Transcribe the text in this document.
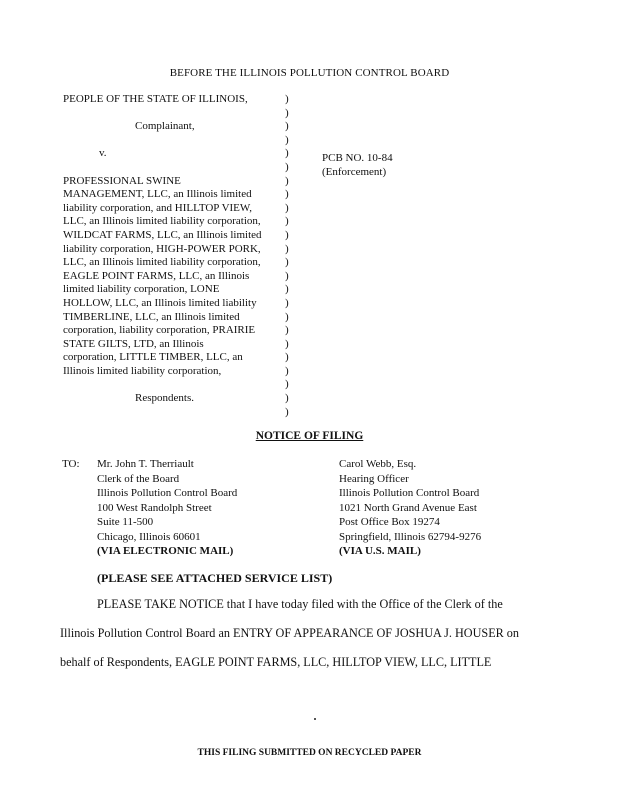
BEFORE THE ILLINOIS POLLUTION CONTROL BOARD
PEOPLE OF THE STATE OF ILLINOIS,
Complainant,
v.
PROFESSIONAL SWINE
MANAGEMENT, LLC, an Illinois limited
liability corporation, and HILLTOP VIEW,
LLC, an Illinois limited liability corporation,
WILDCAT FARMS, LLC, an Illinois limited
liability corporation, HIGH-POWER PORK,
LLC, an Illinois limited liability corporation,
EAGLE POINT FARMS, LLC, an Illinois
limited liability corporation, LONE
HOLLOW, LLC, an Illinois limited liability
TIMBERLINE, LLC, an Illinois limited
corporation, liability corporation, PRAIRIE
STATE GILTS, LTD, an Illinois
corporation, LITTLE TIMBER, LLC, an
Illinois limited liability corporation,
Respondents.
)
)
)
)
)
)
)
)
)
)
)
)
)
)
)
)
)
)
)
)
)
)
)
)
PCB NO. 10-84
(Enforcement)
NOTICE OF FILING
TO: Mr. John T. Therriault
Clerk of the Board
Illinois Pollution Control Board
100 West Randolph Street
Suite 11-500
Chicago, Illinois 60601
(VIA ELECTRONIC MAIL)
Carol Webb, Esq.
Hearing Officer
Illinois Pollution Control Board
1021 North Grand Avenue East
Post Office Box 19274
Springfield, Illinois 62794-9276
(VIA U.S. MAIL)
(PLEASE SEE ATTACHED SERVICE LIST)
PLEASE TAKE NOTICE that I have today filed with the Office of the Clerk of the
Illinois Pollution Control Board an ENTRY OF APPEARANCE OF JOSHUA J. HOUSER on
behalf of Respondents, EAGLE POINT FARMS, LLC, HILLTOP VIEW, LLC, LITTLE
THIS FILING SUBMITTED ON RECYCLED PAPER
